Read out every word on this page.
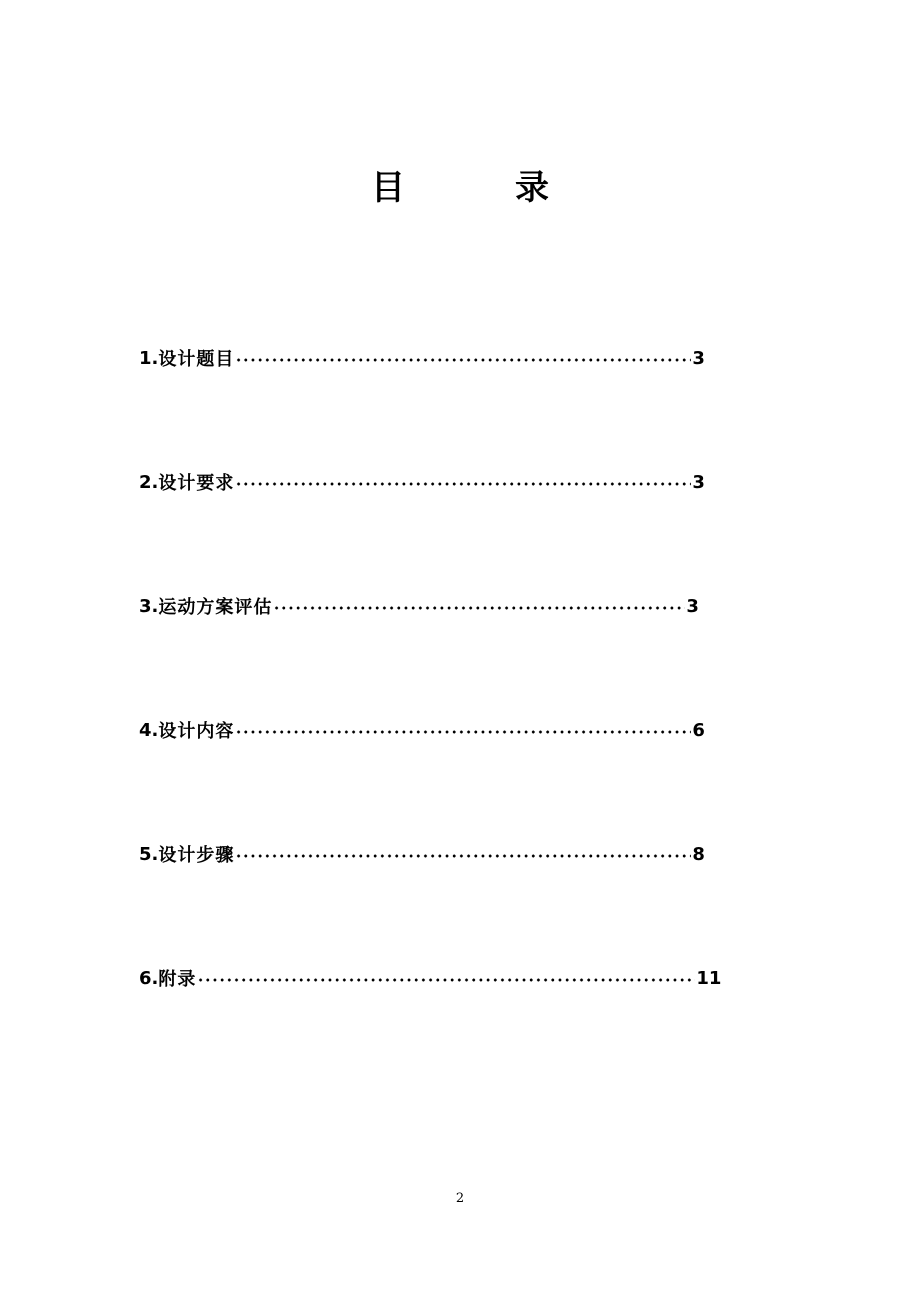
目	录
1. 设计题目	3
2. 设计要求	3
3. 运动方案评估	3
4. 设计内容	6
5. 设计步骤	8
6. 附录	11
2
